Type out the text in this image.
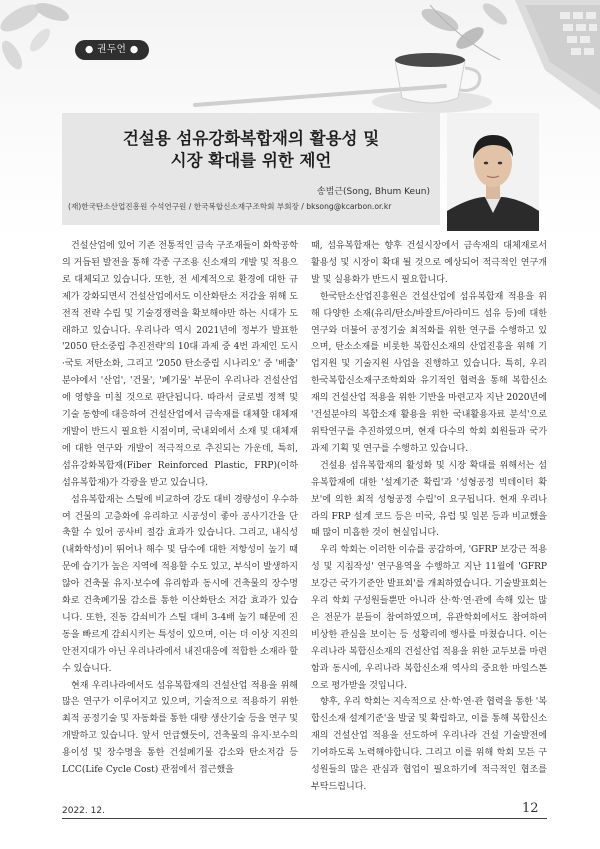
● 권두언 ●
건설용 섬유강화복합재의 활용성 및
시장 확대를 위한 제언
송범근(Song, Bhum Keun)
(재)한국탄소산업진흥원 수석연구원 / 한국복합신소재구조학회 부회장 / bksong@kcarbon.or.kr

건설산업에 있어 기존 전통적인 금속 구조재들이 화학공학의 거듭된 발전을 통해 각종 구조용 신소재의 개발 및 적용으로 대체되고 있습니다. 또한, 전 세계적으로 환경에 대한 규제가 강화되면서 건설산업에서도 이산화탄소 저감을 위해 도전적 전략 수립 및 기술경쟁력을 확보해야만 하는 시대가 도래하고 있습니다. 우리나라 역시 2021년에 정부가 발표한 '2050 탄소중립 추진전략'의 10대 과제 중 4번 과제인 도시·국토 저탄소화, 그리고 '2050 탄소중립 시나리오' 중 '배출' 분야에서 '산업', '건물', '폐기물' 부문이 우리나라 건설산업에 영향을 미칠 것으로 판단됩니다. 따라서 글로벌 정책 및 기술 동향에 대응하여 건설산업에서 금속재를 대체할 대체재 개발이 반드시 필요한 시점이며, 국내외에서 소재 및 대체재에 대한 연구와 개발이 적극적으로 추진되는 가운데, 특히, 섬유강화복합재(Fiber Reinforced Plastic, FRP)(이하 섬유복합재)가 각광을 받고 있습니다.

섬유복합재는 스틸에 비교하여 강도 대비 경량성이 우수하여 건물의 고층화에 유리하고 시공성이 좋아 공사기간을 단축할 수 있어 공사비 절감 효과가 있습니다. 그리고, 내식성(내화학성)이 뛰어나 해수 및 담수에 대한 저항성이 높기 때문에 습기가 높은 지역에 적용할 수도 있고, 부식이 발생하지 않아 건축물 유지·보수에 유리함과 동시에 건축물의 장수명화로 건축폐기물 감소를 통한 이산화탄소 저감 효과가 있습니다. 또한, 진동 감쇠비가 스틸 대비 3-4배 높기 때문에 진동을 빠르게 감쇠시키는 특성이 있으며, 이는 더 이상 지진의 안전지대가 아닌 우리나라에서 내진대응에 적합한 소재라 할 수 있습니다.

현재 우리나라에서도 섬유복합재의 건설산업 적용을 위해 많은 연구가 이루어지고 있으며, 기술적으로 적용하기 위한 최적 공정기술 및 자동화를 통한 대량 생산기술 등을 연구 및 개발하고 있습니다. 앞서 언급했듯이, 건축물의 유지·보수의 용이성 및 장수명을 통한 건설폐기물 감소와 탄소저감 등 LCC(Life Cycle Cost) 관점에서 접근했을

때, 섬유복합재는 향후 건설시장에서 금속재의 대체재로서 활용성 및 시장이 확대 될 것으로 예상되어 적극적인 연구개발 및 실용화가 반드시 필요합니다.

한국탄소산업진흥원은 건설산업에 섬유복합재 적용을 위해 다양한 소재(유리/탄소/바잘트/아라미드 섬유 등)에 대한 연구와 더불어 공정기술 최적화를 위한 연구를 수행하고 있으며, 탄소소재를 비롯한 복합신소재의 산업진흥을 위해 기업지원 및 기술지원 사업을 진행하고 있습니다. 특히, 우리 한국복합신소재구조학회와 유기적인 협력을 통해 복합신소재의 건설산업 적용을 위한 기반을 마련고자 지난 2020년에 '건설분야의 복합소재 활용을 위한 국내활용자료 분석'으로 위탁연구를 추진하였으며, 현재 다수의 학회 회원들과 국가과제 기획 및 연구를 수행하고 있습니다.

건설용 섬유복합재의 활성화 및 시장 확대를 위해서는 섬유복합재에 대한 '설계기준 확립'과 '성형공정 빅데이터 확보'에 의한 최적 성형공정 수립'이 요구됩니다. 현재 우리나라의 FRP 설계 코드 등은 미국, 유럽 및 일본 등과 비교했을 때 많이 미흡한 것이 현실입니다.

우리 학회는 이러한 이슈를 공감하여, 'GFRP 보강근 적용성 및 지침작성' 연구용역을 수행하고 지난 11월에 'GFRP 보강근 국가기준안 발표회'를 개최하였습니다. 기술발표회는 우리 학회 구성원들뿐만 아니라 산·학·연·관에 속해 있는 많은 전문가 분들이 참여하였으며, 유관학회에서도 참여하여 비상한 관심을 보이는 등 성황리에 행사를 마쳤습니다. 이는 우리나라 복합신소재의 건설산업 적용을 위한 교두보를 마련함과 동시에, 우리나라 복합신소재 역사의 중요한 마일스톤으로 평가받을 것입니다.

향후, 우리 학회는 지속적으로 산·학·연·관 협력을 통한 '복합신소재 설계기준'을 발굴 및 확립하고, 이를 통해 복합신소재의 건설산업 적용을 선도하여 우리나라 건설 기술발전에 기여하도록 노력해야합니다. 그리고 이를 위해 학회 모든 구성원들의 많은 관심과 협업이 필요하기에 적극적인 협조를 부탁드립니다.

2022. 12.	12
